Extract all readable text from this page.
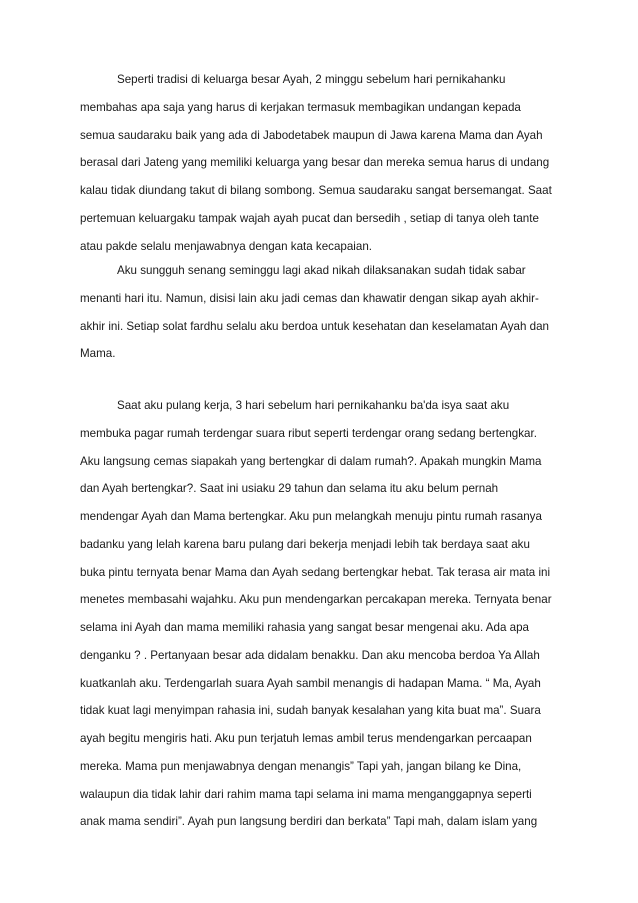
Seperti tradisi di keluarga besar Ayah, 2 minggu sebelum hari pernikahanku
membahas apa saja yang harus di kerjakan termasuk membagikan undangan kepada
semua saudaraku baik yang ada di Jabodetabek maupun di Jawa karena Mama dan Ayah
berasal dari Jateng yang memiliki keluarga yang besar dan mereka semua harus di undang
kalau tidak diundang takut di bilang sombong. Semua saudaraku sangat bersemangat. Saat
pertemuan keluargaku tampak wajah ayah pucat dan bersedih , setiap di tanya oleh tante
atau pakde selalu menjawabnya dengan kata kecapaian.
Aku sungguh senang seminggu lagi akad nikah dilaksanakan sudah tidak sabar
menanti hari itu. Namun, disisi lain aku jadi cemas dan khawatir dengan sikap ayah akhir-
akhir ini. Setiap solat fardhu selalu aku berdoa untuk kesehatan dan keselamatan Ayah dan
Mama.
Saat aku pulang kerja, 3 hari sebelum hari pernikahanku ba'da isya saat aku
membuka pagar rumah terdengar suara ribut seperti terdengar orang sedang bertengkar.
Aku langsung cemas siapakah yang bertengkar di dalam rumah?. Apakah mungkin Mama
dan Ayah bertengkar?. Saat ini usiaku 29 tahun dan selama itu aku belum pernah
mendengar Ayah dan Mama bertengkar. Aku pun melangkah menuju pintu rumah rasanya
badanku yang lelah karena baru pulang dari bekerja menjadi lebih tak berdaya saat aku
buka pintu ternyata benar Mama dan Ayah sedang bertengkar hebat. Tak terasa air mata ini
menetes membasahi wajahku. Aku pun mendengarkan percakapan mereka. Ternyata benar
selama ini Ayah dan mama memiliki rahasia yang sangat besar mengenai aku. Ada apa
denganku ? . Pertanyaan besar ada didalam benakku. Dan aku mencoba berdoa Ya Allah
kuatkanlah aku. Terdengarlah suara Ayah sambil menangis di hadapan Mama. “ Ma, Ayah
tidak kuat lagi menyimpan rahasia ini, sudah banyak kesalahan yang kita buat ma”. Suara
ayah begitu mengiris hati. Aku pun terjatuh lemas ambil terus mendengarkan percaapan
mereka. Mama pun menjawabnya dengan menangis” Tapi yah, jangan bilang ke Dina,
walaupun dia tidak lahir dari rahim mama tapi selama ini mama menganggapnya seperti
anak mama sendiri”. Ayah pun langsung berdiri dan berkata” Tapi mah, dalam islam yang
